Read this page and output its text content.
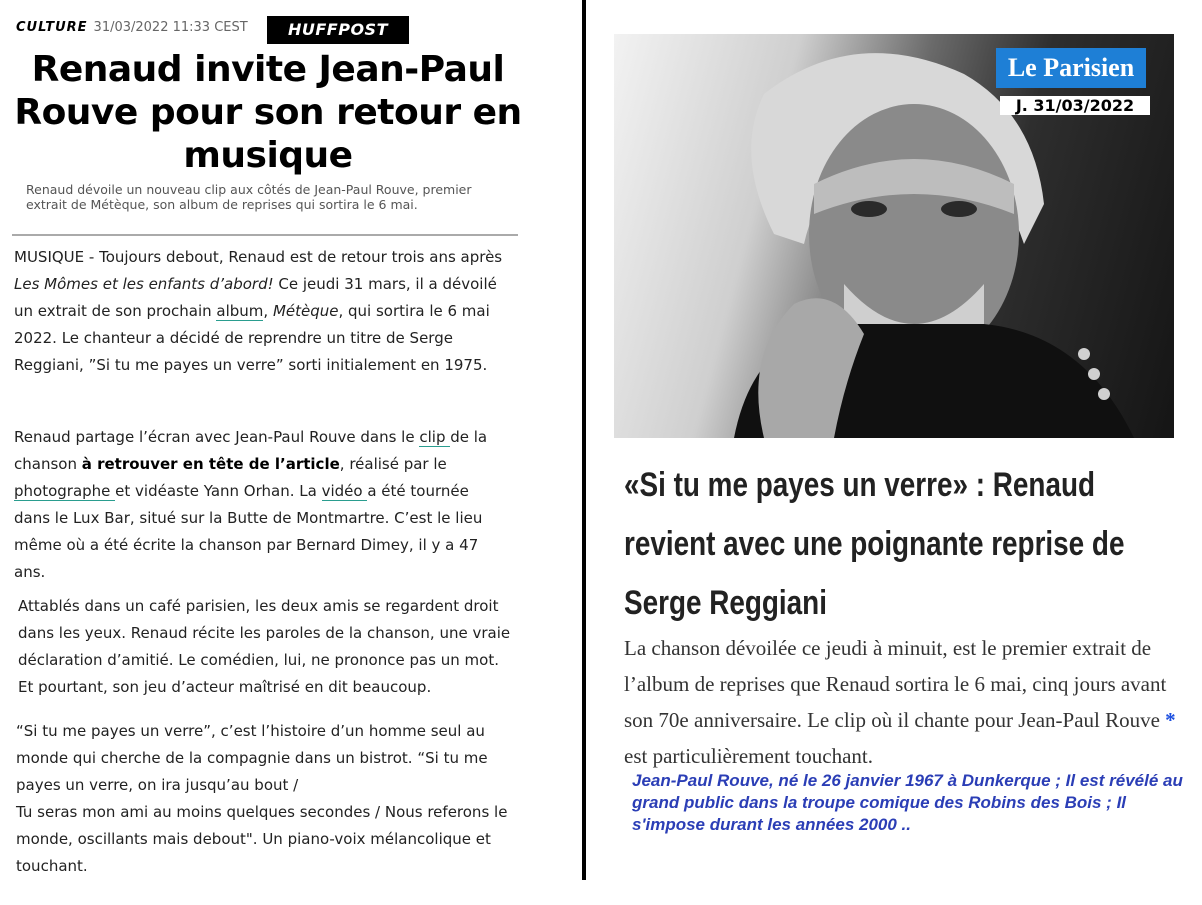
CULTURE 31/03/2022 11:33 CEST	HUFFPOST
Renaud invite Jean-Paul Rouve pour son retour en musique
Renaud dévoile un nouveau clip aux côtés de Jean-Paul Rouve, premier extrait de Métèque, son album de reprises qui sortira le 6 mai.

MUSIQUE - Toujours debout, Renaud est de retour trois ans après Les Mômes et les enfants d’abord! Ce jeudi 31 mars, il a dévoilé un extrait de son prochain album, Métèque, qui sortira le 6 mai 2022. Le chanteur a décidé de reprendre un titre de Serge Reggiani, ”Si tu me payes un verre” sorti initialement en 1975.

Renaud partage l’écran avec Jean-Paul Rouve dans le clip de la chanson à retrouver en tête de l’article, réalisé par le photographe et vidéaste Yann Orhan. La vidéo a été tournée dans le Lux Bar, situé sur la Butte de Montmartre. C’est le lieu même où a été écrite la chanson par Bernard Dimey, il y a 47 ans.

Attablés dans un café parisien, les deux amis se regardent droit dans les yeux. Renaud récite les paroles de la chanson, une vraie déclaration d’amitié. Le comédien, lui, ne prononce pas un mot. Et pourtant, son jeu d’acteur maîtrisé en dit beaucoup.

“Si tu me payes un verre”, c’est l’histoire d’un homme seul au monde qui cherche de la compagnie dans un bistrot. “Si tu me payes un verre, on ira jusqu’au bout /

Tu seras mon ami au moins quelques secondes / Nous referons le monde, oscillants mais debout". Un piano-voix mélancolique et touchant.

Le Parisien
J. 31/03/2022
«Si tu me payes un verre» : Renaud revient avec une poignante reprise de Serge Reggiani

La chanson dévoilée ce jeudi à minuit, est le premier extrait de l’album de reprises que Renaud sortira le 6 mai, cinq jours avant son 70e anniversaire. Le clip où il chante pour Jean-Paul Rouve * est particulièrement touchant.

Jean-Paul Rouve, né le 26 janvier 1967 à Dunkerque ; Il est révélé au grand public dans la troupe comique des Robins des Bois ; Il s'impose durant les années 2000 ..
